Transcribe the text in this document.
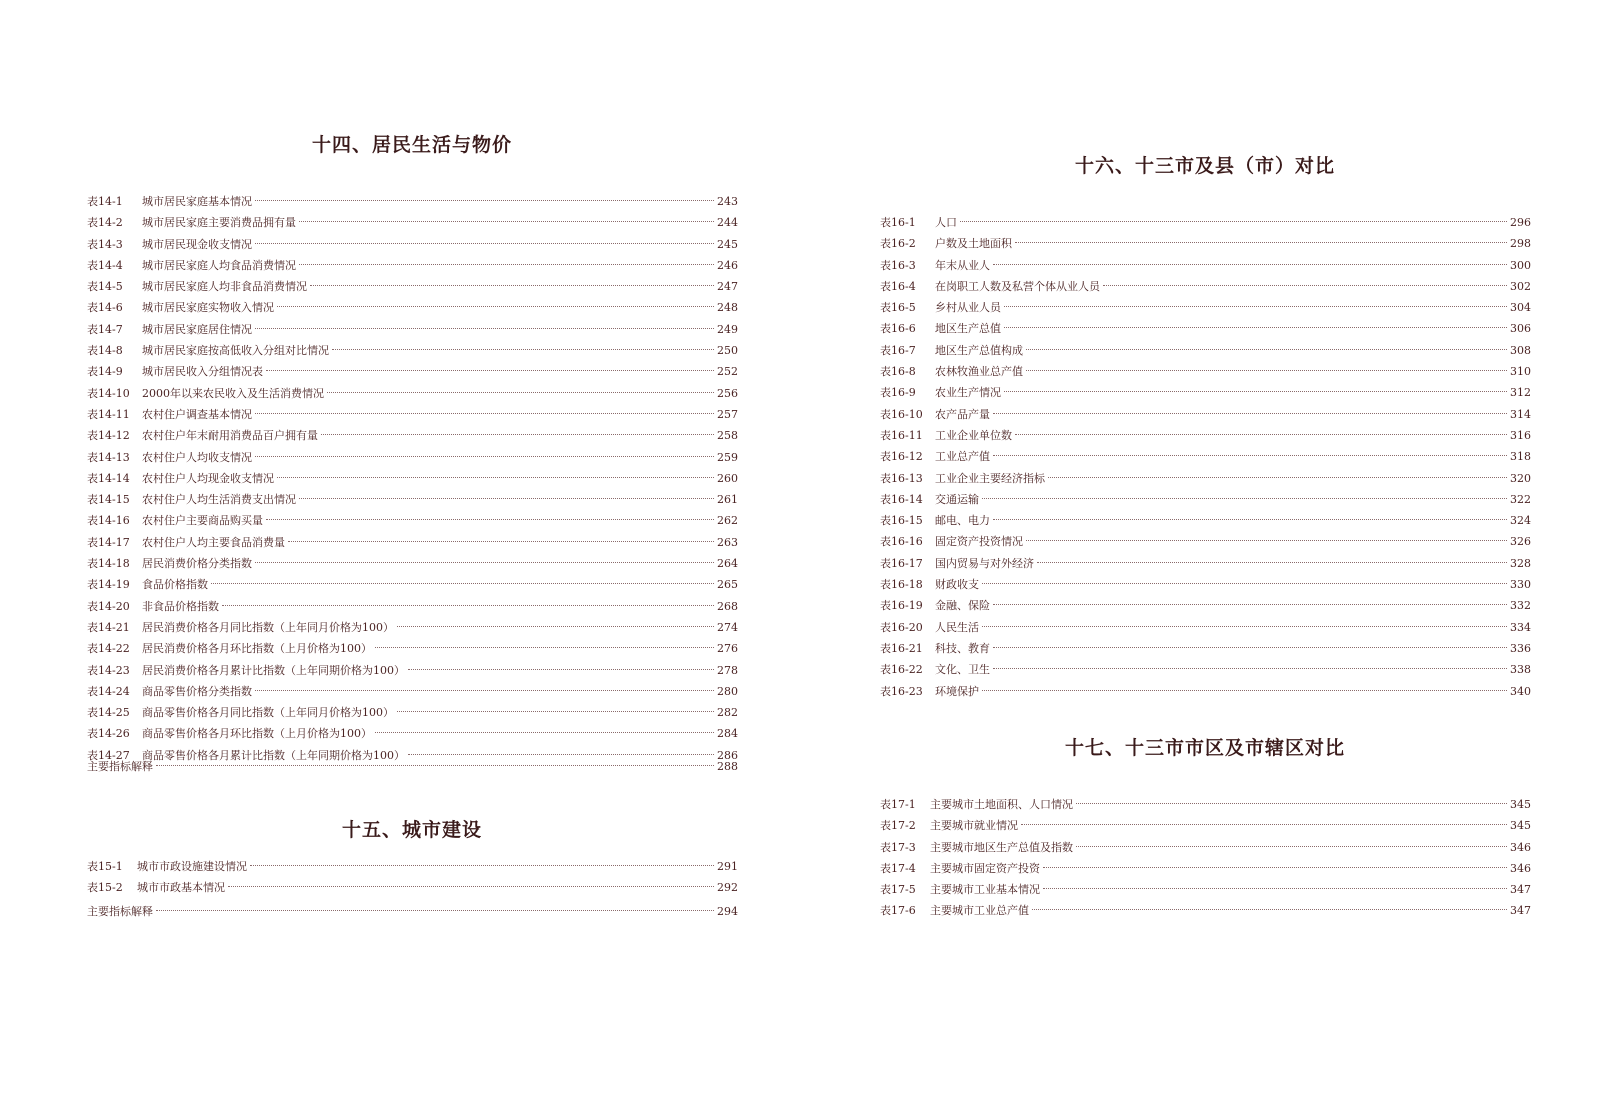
十四、居民生活与物价
表14-1	城市居民家庭基本情况	243
表14-2	城市居民家庭主要消费品拥有量	244
表14-3	城市居民现金收支情况	245
表14-4	城市居民家庭人均食品消费情况	246
表14-5	城市居民家庭人均非食品消费情况	247
表14-6	城市居民家庭实物收入情况	248
表14-7	城市居民家庭居住情况	249
表14-8	城市居民家庭按高低收入分组对比情况	250
表14-9	城市居民收入分组情况表	252
表14-10	2000年以来农民收入及生活消费情况	256
表14-11	农村住户调查基本情况	257
表14-12	农村住户年末耐用消费品百户拥有量	258
表14-13	农村住户人均收支情况	259
表14-14	农村住户人均现金收支情况	260
表14-15	农村住户人均生活消费支出情况	261
表14-16	农村住户主要商品购买量	262
表14-17	农村住户人均主要食品消费量	263
表14-18	居民消费价格分类指数	264
表14-19	食品价格指数	265
表14-20	非食品价格指数	268
表14-21	居民消费价格各月同比指数（上年同月价格为100）	274
表14-22	居民消费价格各月环比指数（上月价格为100）	276
表14-23	居民消费价格各月累计比指数（上年同期价格为100）	278
表14-24	商品零售价格分类指数	280
表14-25	商品零售价格各月同比指数（上年同月价格为100）	282
表14-26	商品零售价格各月环比指数（上月价格为100）	284
表14-27	商品零售价格各月累计比指数（上年同期价格为100）	286
主要指标解释	288
十五、城市建设
表15-1	城市市政设施建设情况	291
表15-2	城市市政基本情况	292
主要指标解释	294
十六、十三市及县（市）对比
表16-1	人口	296
表16-2	户数及土地面积	298
表16-3	年末从业人	300
表16-4	在岗职工人数及私营个体从业人员	302
表16-5	乡村从业人员	304
表16-6	地区生产总值	306
表16-7	地区生产总值构成	308
表16-8	农林牧渔业总产值	310
表16-9	农业生产情况	312
表16-10	农产品产量	314
表16-11	工业企业单位数	316
表16-12	工业总产值	318
表16-13	工业企业主要经济指标	320
表16-14	交通运输	322
表16-15	邮电、电力	324
表16-16	固定资产投资情况	326
表16-17	国内贸易与对外经济	328
表16-18	财政收支	330
表16-19	金融、保险	332
表16-20	人民生活	334
表16-21	科技、教育	336
表16-22	文化、卫生	338
表16-23	环境保护	340
十七、十三市市区及市辖区对比
表17-1	主要城市土地面积、人口情况	345
表17-2	主要城市就业情况	345
表17-3	主要城市地区生产总值及指数	346
表17-4	主要城市固定资产投资	346
表17-5	主要城市工业基本情况	347
表17-6	主要城市工业总产值	347
